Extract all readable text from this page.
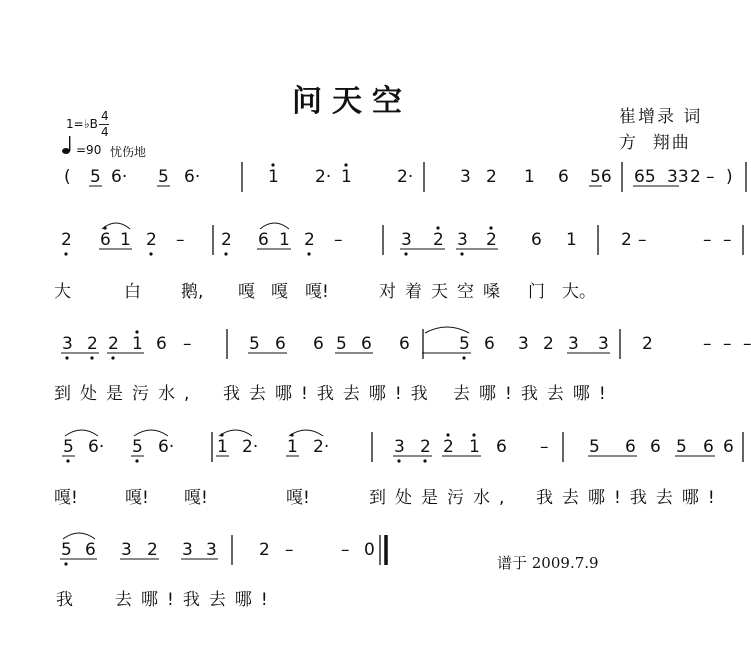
问天空	崔增录 词
方  翔曲
1= ♭B
4
4
=90 忧伤地
( 5 6· 5 6·	1 2· 1	2·	3 2 1 6 56 65 33 2 – )
2 6 1 2 – 2 6 1 2 –	3 2 3 2 6 1	2 –	– –
3 2 2 1 6 –	5 6 6 5 6 6	5 6 3 2 3 3 2	– – –
5 6· 5 6·	1 2· 1 2·	3 2 2 1 6 – 5 6 6 5 6 6
5 6 3 2 3 3 2 –	– 0
大	白 鹅, 嘎 嘎 嘎!	对着天空嗓 门 大。
到处是污水, 我去哪!我去哪!我 去哪!我去哪!
嘎!	嘎! 嘎!	嘎!	到处是污水, 我去哪!我去哪!
我 去哪!我去哪!
谱于 2009.7.9
